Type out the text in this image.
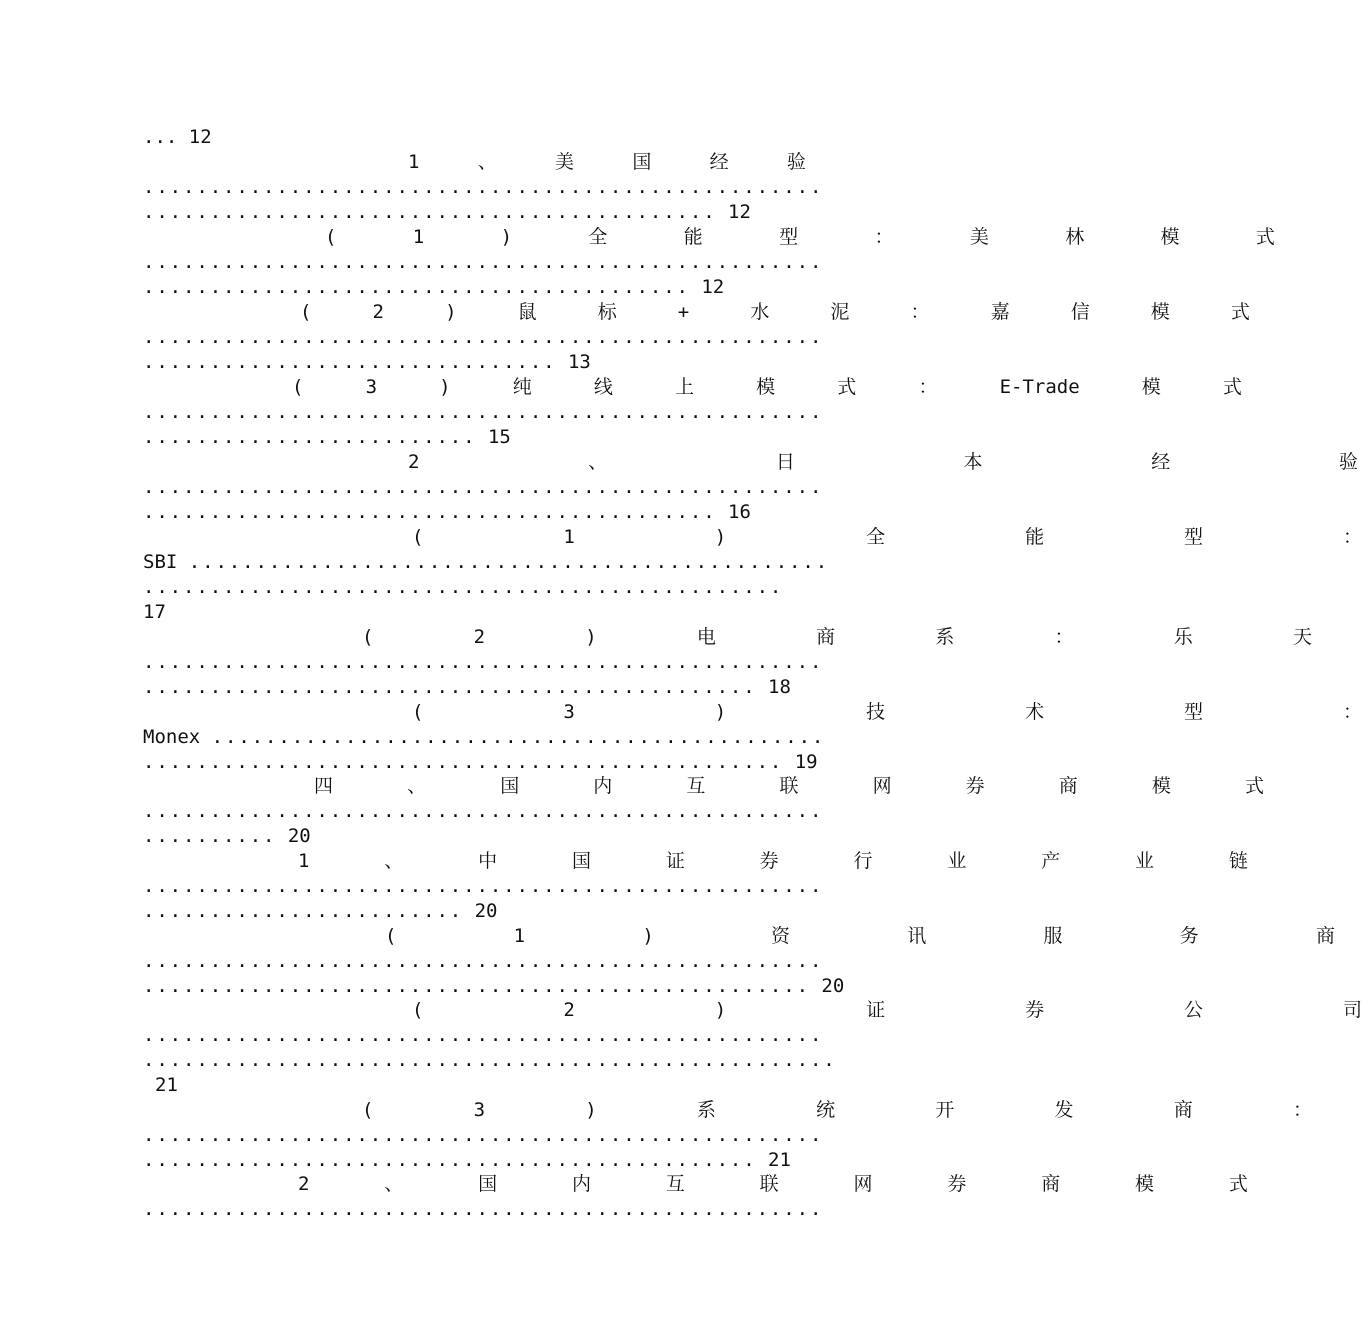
... 12
1	、	美	国	经	验
...................................................
........................................... 12
(	1	)	全	能	型	：	美	林	模	式
...................................................
......................................... 12
(	2	)	鼠	标	+	水	泥	：	嘉	信	模	式
...................................................
............................... 13
(	3	)	纯	线	上	模	式	：	E-Trade	模	式
...................................................
......................... 15
2	、	日	本	经	验
...................................................
........................................... 16
(	1	)	全	能	型	：
SBI ................................................
................................................
17
(	2	)	电	商	系	：	乐	天
...................................................
.............................................. 18
(	3	)	技	术	型	：
Monex ..............................................
................................................ 19
四	、	国	内	互	联	网	券	商	模	式
...................................................
.......... 20
1	、	中	国	证	券	行	业	产	业	链
...................................................
........................ 20
(	1	)	资	讯	服	务	商
...................................................
.................................................. 20
(	2	)	证	券	公	司
...................................................
....................................................
21
(	3	)	系	统	开	发	商	：
...................................................
.............................................. 21
2	、	国	内	互	联	网	券	商	模	式
...................................................
